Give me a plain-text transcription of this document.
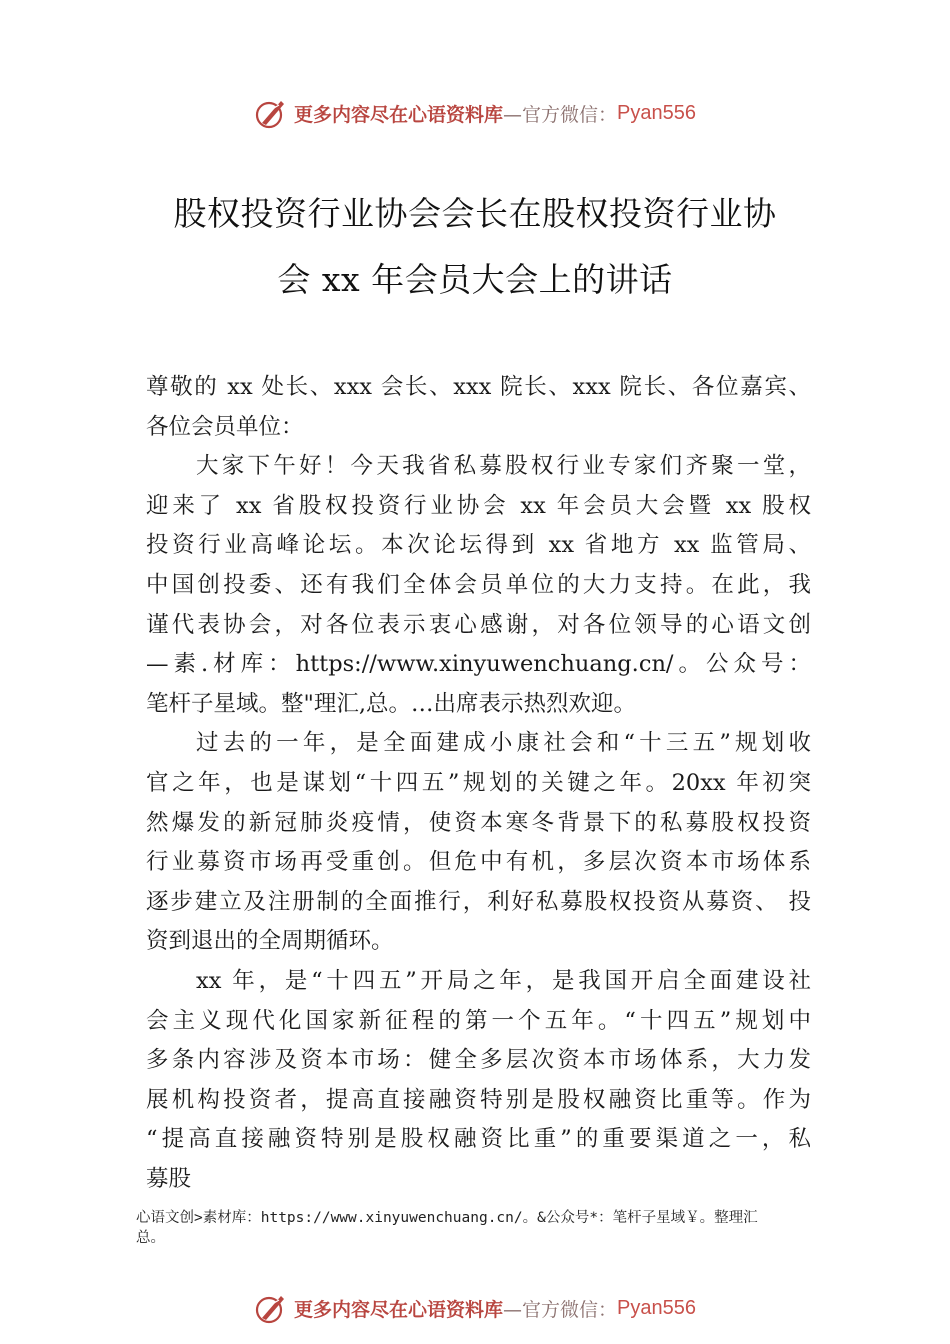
更多内容尽在心语资料库 —官方微信： Pyan556
股权投资行业协会会长在股权投资行业协
会 xx 年会员大会上的讲话
尊敬的 xx 处长、xxx 会长、xxx 院长、xxx 院长、各位嘉宾、
各位会员单位：
大家下午好！今天我省私募股权行业专家们齐聚一堂，
迎来了 xx 省股权投资行业协会 xx 年会员大会暨 xx 股权
投资行业高峰论坛。本次论坛得到 xx 省地方 xx 监管局、
中国创投委、还有我们全体会员单位的大力支持。在此，我
谨代表协会，对各位表示衷心感谢，对各位领导的心语文创
—素.材库：https://www.xinyuwenchuang.cn/。公众号：
笔杆子星域。整"理汇,总。…出席表示热烈欢迎。
过去的一年，是全面建成小康社会和“十三五”规划收
官之年，也是谋划“十四五”规划的关键之年。20xx 年初突
然爆发的新冠肺炎疫情，使资本寒冬背景下的私募股权投资
行业募资市场再受重创。但危中有机，多层次资本市场体系
逐步建立及注册制的全面推行，利好私募股权投资从募资、 投
资到退出的全周期循环。
xx 年，是“十四五”开局之年，是我国开启全面建设社
会主义现代化国家新征程的第一个五年。“十四五”规划中
多条内容涉及资本市场：健全多层次资本市场体系，大力发
展机构投资者，提高直接融资特别是股权融资比重等。作为
“提高直接融资特别是股权融资比重”的重要渠道之一，私
募股
心语文创>素材库：https://www.xinyuwenchuang.cn/。&公众号*：笔杆子星域￥。整理汇
总。
更多内容尽在心语资料库 —官方微信： Pyan556
